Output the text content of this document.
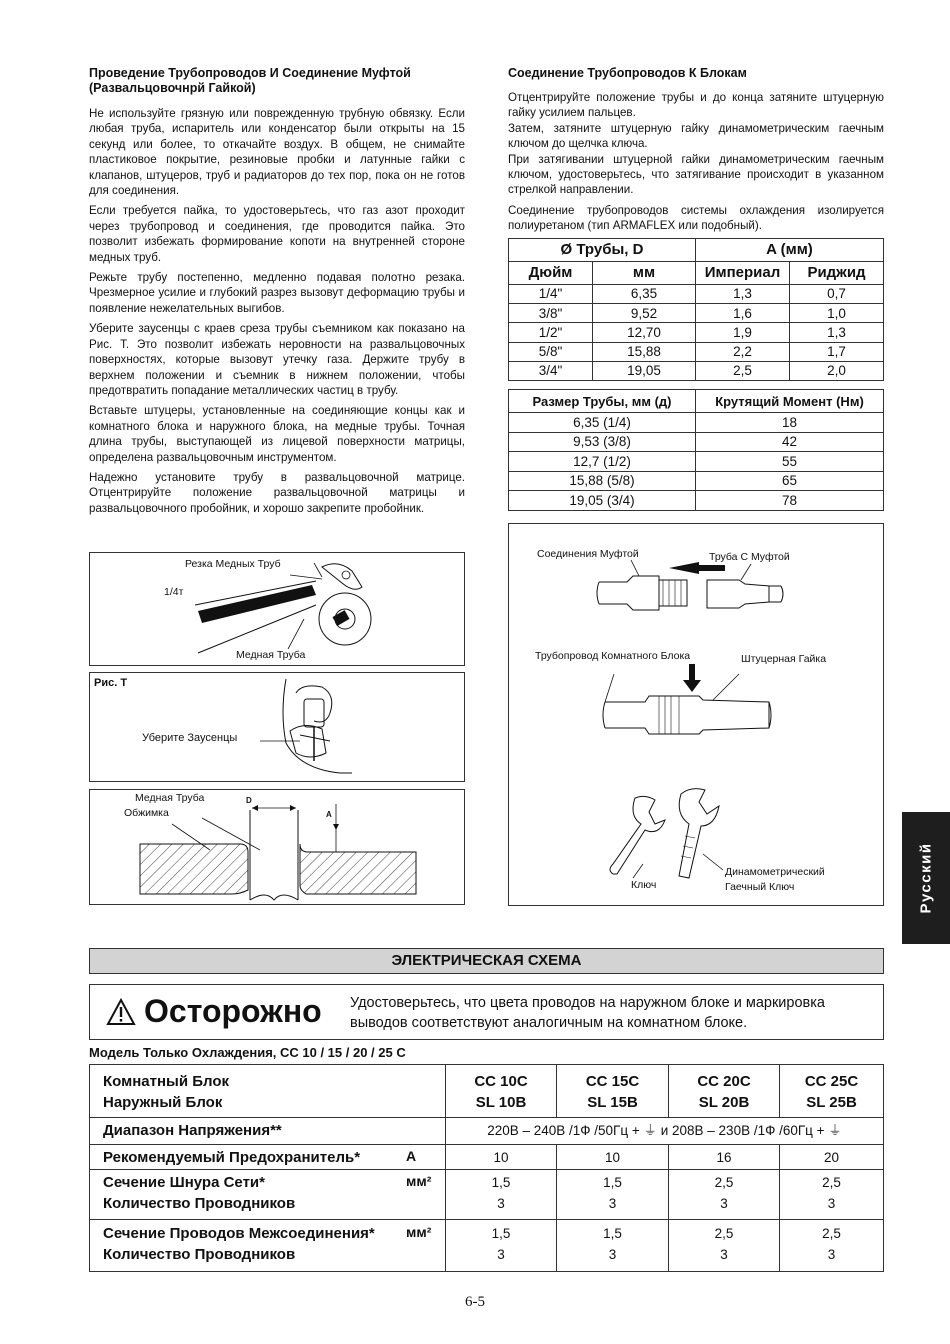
Проведение Трубопроводов И Соединение Муфтой (Развальцовочнрй Гайкой)
Не используйте грязную или поврежденную трубную обвязку. Если любая труба, испаритель или конденсатор были открыты на 15 секунд или более, то откачайте воздух. В общем, не снимайте пластиковое покрытие, резиновые пробки и латунные гайки с клапанов, штуцеров, труб и радиаторов до тех пор, пока он не готов для соединения.
Если требуется пайка, то удостоверьтесь, что газ азот проходит через трубопровод и соединения, где проводится пайка. Это позволит избежать формирование копоти на внутренней стороне медных труб.
Режьте трубу постепенно, медленно подавая полотно резака. Чрезмерное усилие и глубокий разрез вызовут деформацию трубы и появление нежелательных выгибов.
Уберите заусенцы с краев среза трубы съемником как показано на Рис. T. Это позволит избежать неровности на развальцовочных поверхностях, которые вызовут утечку газа. Держите трубу в верхнем положении и съемник в нижнем положении, чтобы предотвратить попадание металлических частиц в трубу.
Вставьте штуцеры, установленные на соединяющие концы как и комнатного блока и наружного блока, на медные трубы. Точная длина трубы, выступающей из лицевой поверхности матрицы, определена развальцовочным инструментом.
Надежно установите трубу в развальцовочной матрице. Отцентрируйте положение развальцовочной матрицы и развальцовочного пробойник, и хорошо закрепите пробойник.
Резка Медных Труб
1/4т
Медная Труба
Рис. T
Уберите Заусенцы
Медная Труба
Обжимка
D
A
Соединение Трубопроводов К Блокам
Отцентрируйте положение трубы и до конца затяните штуцерную гайку усилием пальцев.
Затем, затяните штуцерную гайку динамометрическим гаечным ключом до щелчка ключа.
При затягивании штуцерной гайки динамометрическим гаечным ключом, удостоверьтесь, что затягивание происходит в указанном стрелкой направлении.
Соединение трубопроводов системы охлаждения изолируется полиуретаном (тип ARMAFLEX или подобный).
Ø Трубы, D		A (мм)	
Дюйм	мм	Империал	Риджид
1/4"	6,35	1,3	0,7
3/8"	9,52	1,6	1,0
1/2"	12,70	1,9	1,3
5/8"	15,88	2,2	1,7
3/4"	19,05	2,5	2,0
Размер Трубы, мм (д)	Крутящий Момент (Нм)
6,35 (1/4)	18
9,53 (3/8)	42
12,7 (1/2)	55
15,88 (5/8)	65
19,05 (3/4)	78
Соединения Муфтой	Труба С Муфтой
Трубопровод Комнатного Блока	Штуцерная Гайка
Ключ
Динамометрический Гаечный Ключ	Русский
ЭЛЕКТРИЧЕСКАЯ СХЕМА
Осторожно Удостоверьтесь, что цвета проводов на наружном блоке и маркировка выводов соответствуют аналогичным на комнатном блоке.
Модель Только Охлаждения, CC 10 / 15 / 20 / 25 C
Комнатный Блок
Наружный Блок
CC 10C	CC 15C	CC 20C	CC 25C
SL 10B	SL 15B	SL 20B	SL 25B
Диапазон Напряжения**	220В – 240В /1Ф /50Гц + ⏚ и 208В – 230В /1Ф /60Гц + ⏚
Рекомендуемый Предохранитель*	A	10	10	16	20
Сечение Шнура Сети*
Количество Проводников
мм²	1,5	1,5	2,5	2,5
3	3	3	3
Сечение Проводов Межсоединения*
Количество Проводников
мм²	1,5	1,5	2,5	2,5
3	3	3	3
6-5
